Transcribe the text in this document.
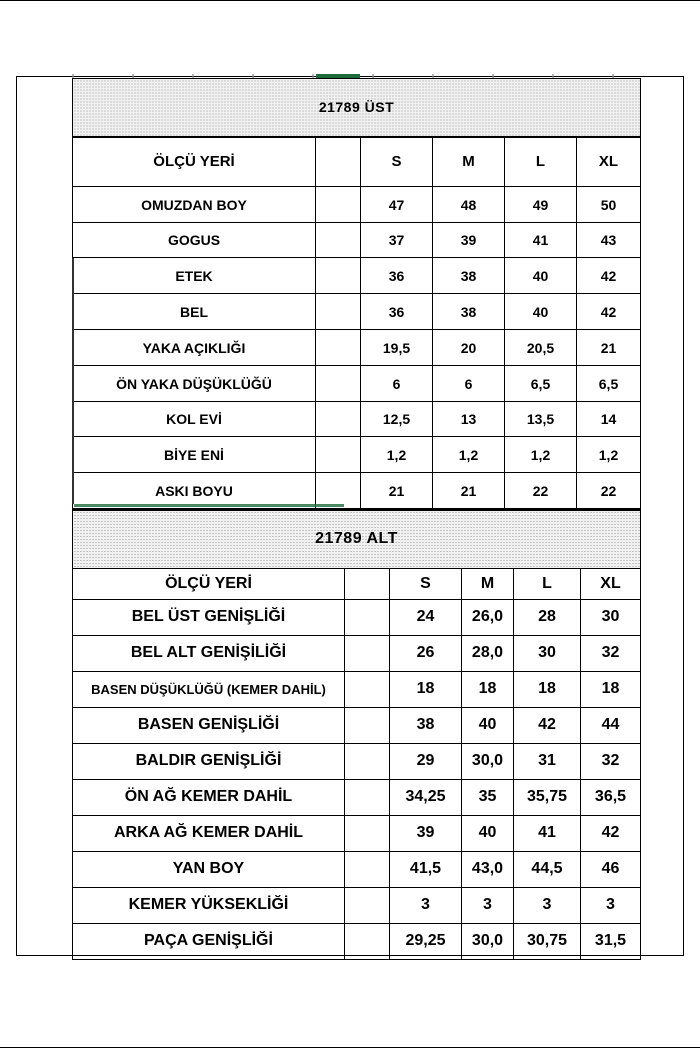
21789 ÜST					
ÖLÇÜ YERİ		S	M	L	XL
OMUZDAN BOY		47	48	49	50
GOGUS		37	39	41	43
ETEK		36	38	40	42
BEL		36	38	40	42
YAKA AÇIKLIĞI		19,5	20	20,5	21
ÖN YAKA DÜŞÜKLÜĞÜ		6	6	6,5	6,5
KOL EVİ		12,5	13	13,5	14
BİYE ENİ		1,2	1,2	1,2	1,2
ASKI BOYU		21	21	22	22
21789 ALT					
ÖLÇÜ YERİ		S	M	L	XL
BEL ÜST GENİŞLİĞİ		24	26,0	28	30
BEL ALT GENİŞİLİĞİ		26	28,0	30	32
BASEN DÜŞÜKLÜĞÜ (KEMER DAHİL)		18	18	18	18
BASEN GENİŞLİĞİ		38	40	42	44
BALDIR GENİŞLİĞİ		29	30,0	31	32
ÖN AĞ KEMER DAHİL		34,25	35	35,75	36,5
ARKA AĞ KEMER DAHİL		39	40	41	42
YAN BOY		41,5	43,0	44,5	46
KEMER YÜKSEKLİĞİ		3	3	3	3
PAÇA GENİŞLİĞİ		29,25	30,0	30,75	31,5
